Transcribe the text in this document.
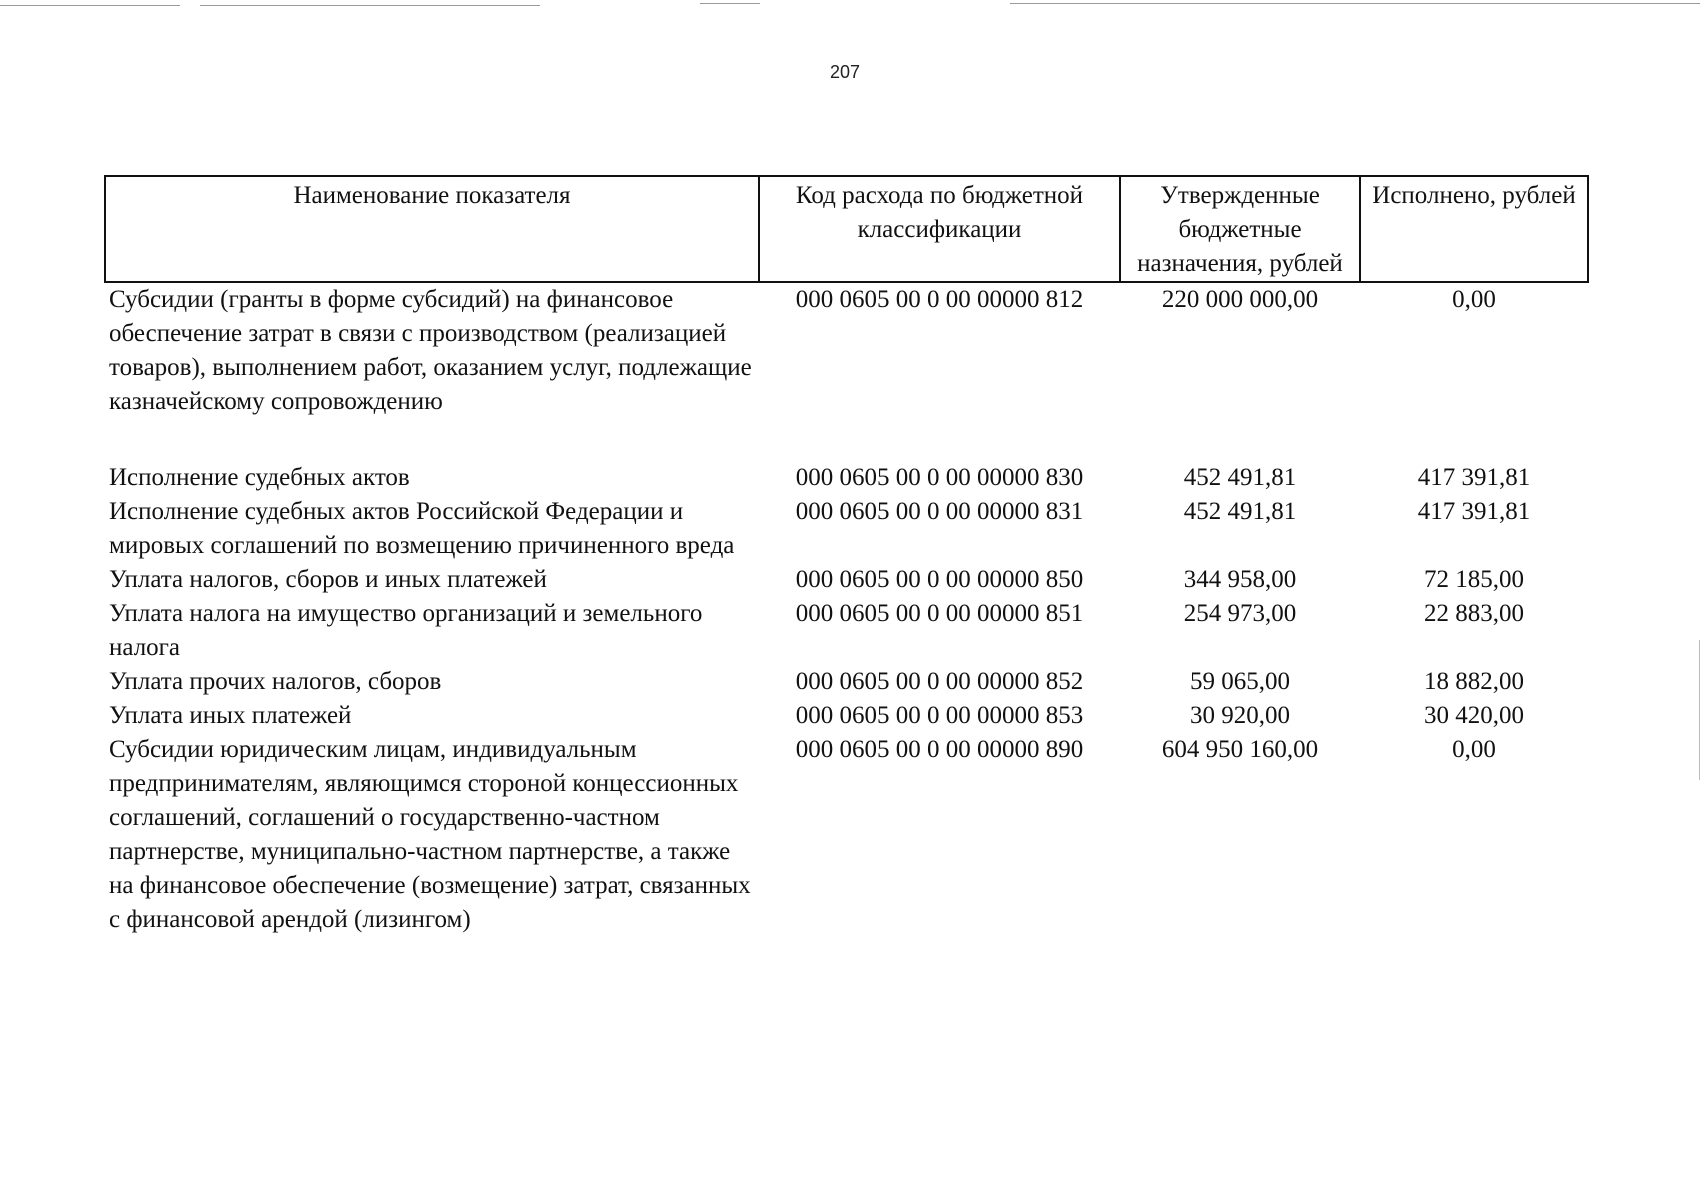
207
Наименование показателя	Код расхода по бюджетной классификации	Утвержденные бюджетные назначения, рублей	Исполнено, рублей
Субсидии (гранты в форме субсидий) на финансовое обеспечение затрат в связи с производством (реализацией товаров), выполнением работ, оказанием услуг, подлежащие казначейскому сопровождению	000 0605 00 0 00 00000 812	220 000 000,00	0,00
Исполнение судебных актов	000 0605 00 0 00 00000 830	452 491,81	417 391,81
Исполнение судебных актов Российской Федерации и мировых соглашений по возмещению причиненного вреда	000 0605 00 0 00 00000 831	452 491,81	417 391,81
Уплата налогов, сборов и иных платежей	000 0605 00 0 00 00000 850	344 958,00	72 185,00
Уплата налога на имущество организаций и земельного налога	000 0605 00 0 00 00000 851	254 973,00	22 883,00
Уплата прочих налогов, сборов	000 0605 00 0 00 00000 852	59 065,00	18 882,00
Уплата иных платежей	000 0605 00 0 00 00000 853	30 920,00	30 420,00
Субсидии юридическим лицам, индивидуальным предпринимателям, являющимся стороной концессионных соглашений, соглашений о государственно-частном партнерстве, муниципально-частном партнерстве, а также на финансовое обеспечение (возмещение) затрат, связанных с финансовой арендой (лизингом)	000 0605 00 0 00 00000 890	604 950 160,00	0,00
